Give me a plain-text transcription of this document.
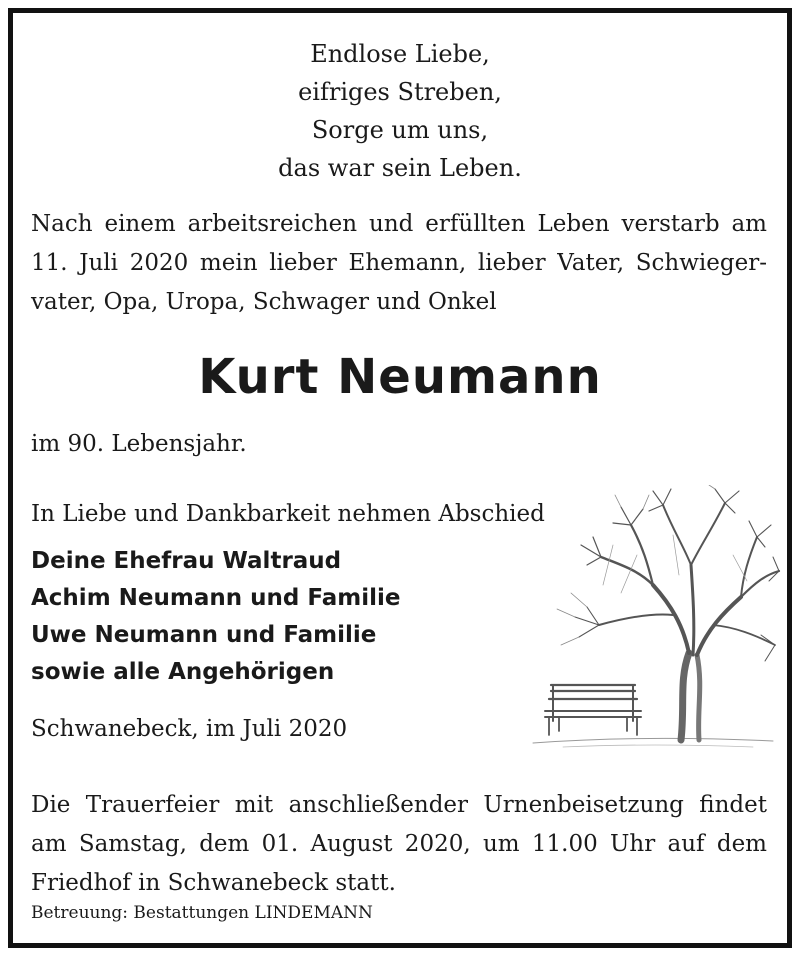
Endlose Liebe,
eifriges Streben,
Sorge um uns,
das war sein Leben.
Nach einem arbeitsreichen und erfüllten Leben verstarb am
11. Juli 2020 mein lieber Ehemann, lieber Vater, Schwieger-
vater, Opa, Uropa, Schwager und Onkel
Kurt Neumann
im 90. Lebensjahr.
In Liebe und Dankbarkeit nehmen Abschied
Deine Ehefrau Waltraud
Achim Neumann und Familie
Uwe Neumann und Familie
sowie alle Angehörigen
Schwanebeck, im Juli 2020
Die Trauerfeier mit anschließender Urnenbeisetzung findet
am Samstag, dem 01. August 2020, um 11.00 Uhr auf dem
Friedhof in Schwanebeck statt.
Betreuung: Bestattungen LINDEMANN
